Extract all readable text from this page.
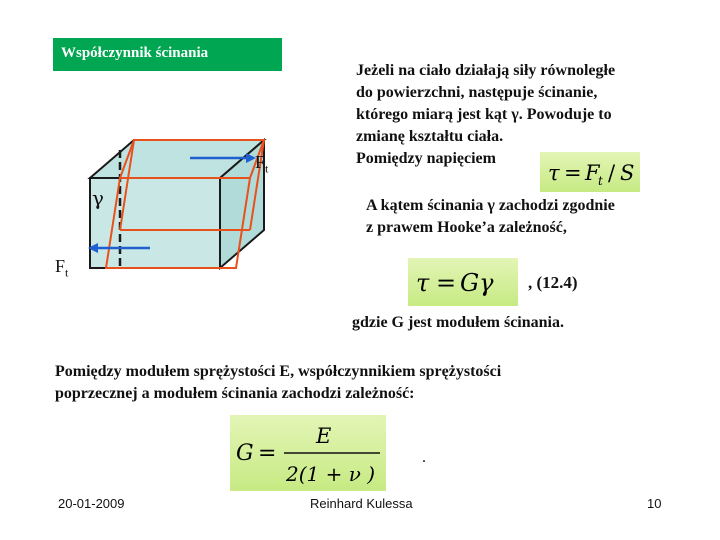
Współczynnik ścinania
Jeżeli na ciało działają siły równoległe
do powierzchni, następuje ścinanie,
którego miarą jest kąt γ. Powoduje to
zmianę kształtu ciała.
Pomiędzy napięciem
τ = F
t / S
A kątem ścinania γ zachodzi zgodnie
z prawem Hooke’a zależność,
τ = Gγ , (12.4)
gdzie G jest modułem ścinania.
Pomiędzy modułem sprężystości E, współczynnikiem sprężystości
poprzecznej a modułem ścinania zachodzi zależność:
G =
E
2(1 + ν )
.
$F_t$
$F_t$
γ
20-01-2009	Reinhard Kulessa	10
